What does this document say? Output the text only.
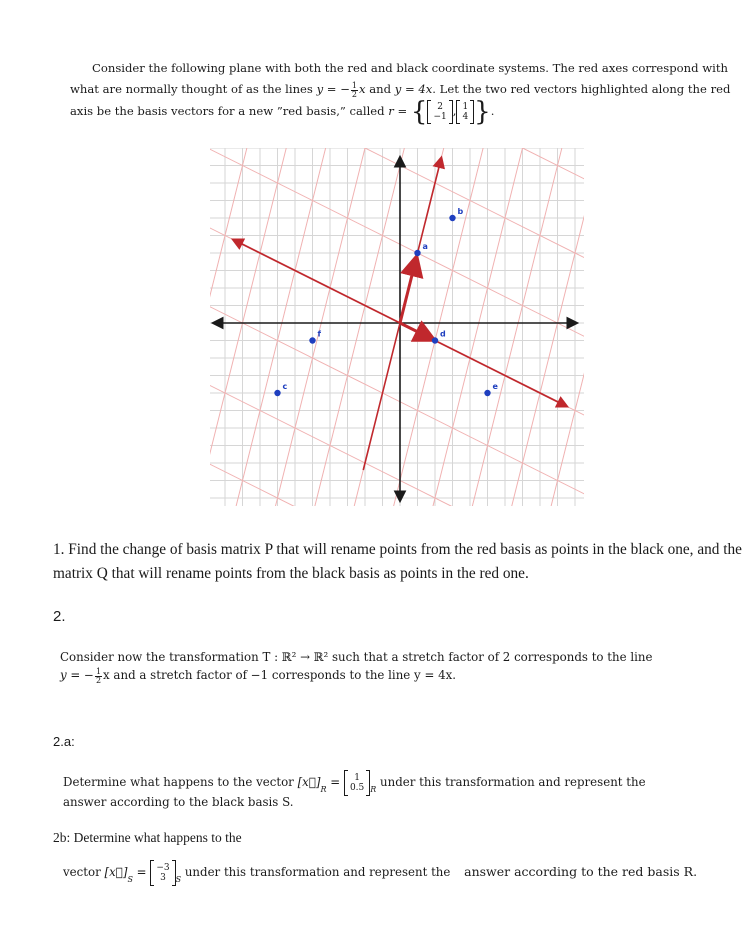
Consider the following plane with both the red and black coordinate systems. The red axes correspond with
what are normally thought of as the lines y = − $\frac{1}{2}$ x and y = 4x. Let the two red vectors highlighted along the red
axis be the basis vectors for a new ”red basis,” called r = { 2
−1 , 1
4 }.
a
b
c
d
e
f
1. Find the change of basis matrix P that will rename points from the red basis as points in the black one, and the matrix Q that will rename points from the black basis as points in the red one.
2.
Consider now the transformation T : ℝ² → ℝ² such that a stretch factor of 2 corresponds to the line
y = − $\frac{1}{2}$ x and a stretch factor of −1 corresponds to the line y = 4x.
2.a:
Determine what happens to the vector $[x⃗]_R = 1$
0.5 $_R$ under this transformation and represent the
answer according to the black basis S.
2b: Determine what happens to the
vector $[x⃗]_S = -3$
3 $_S$ under this transformation and represent the answer according to the red basis R.
